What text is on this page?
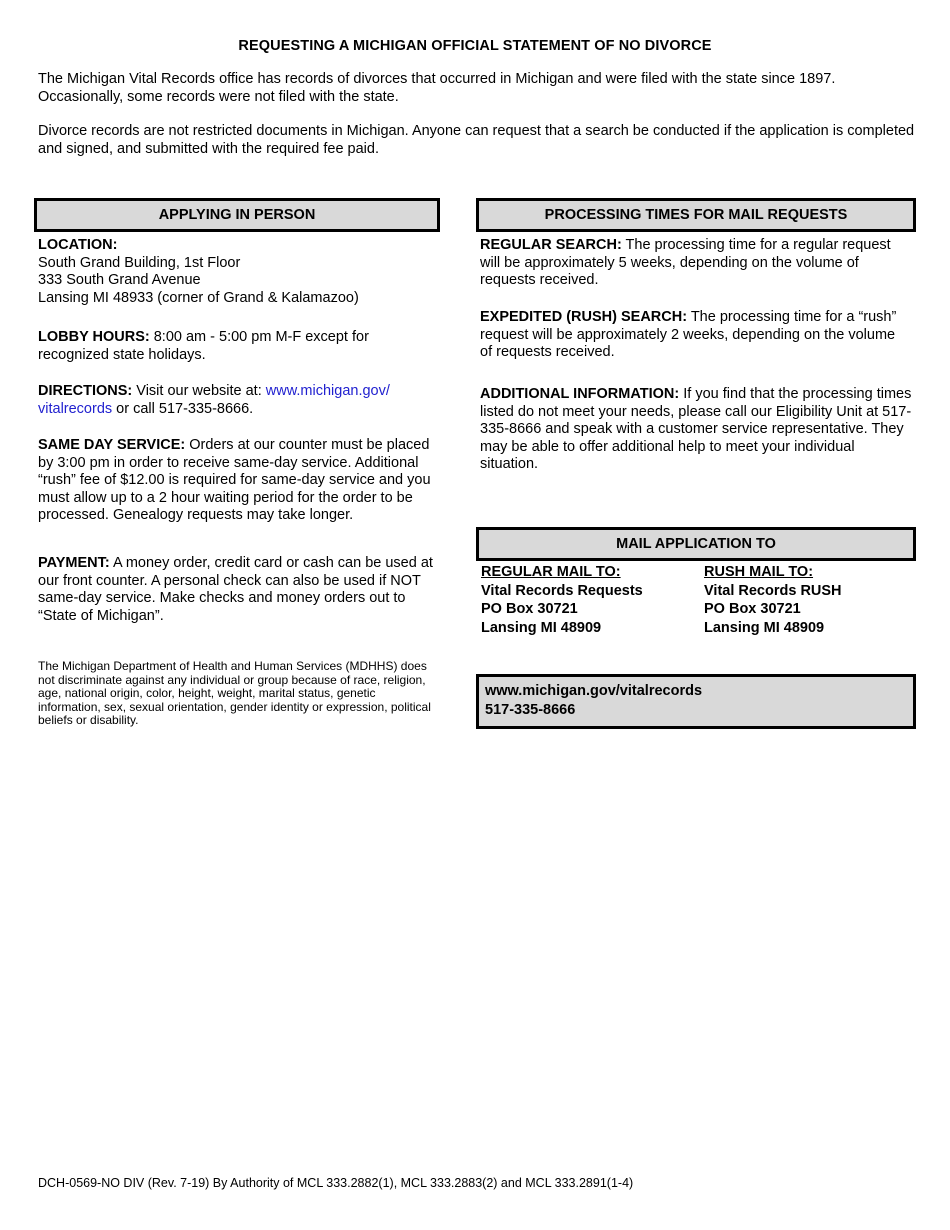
REQUESTING A MICHIGAN OFFICIAL STATEMENT OF NO DIVORCE
The Michigan Vital Records office has records of divorces that occurred in Michigan and were filed with the state since 1897. Occasionally, some records were not filed with the state.
Divorce records are not restricted documents in Michigan. Anyone can request that a search be conducted if the application is completed and signed, and submitted with the required fee paid.
APPLYING IN PERSON
LOCATION:
South Grand Building, 1st Floor
333 South Grand Avenue
Lansing MI 48933 (corner of Grand & Kalamazoo)
LOBBY HOURS: 8:00 am - 5:00 pm M-F except for recognized state holidays.
DIRECTIONS: Visit our website at: www.michigan.gov/ vitalrecords or call 517-335-8666.
SAME DAY SERVICE: Orders at our counter must be placed by 3:00 pm in order to receive same-day service. Additional “rush” fee of $12.00 is required for same-day service and you must allow up to a 2 hour waiting period for the order to be processed. Genealogy requests may take longer.
PAYMENT: A money order, credit card or cash can be used at our front counter. A personal check can also be used if NOT same-day service. Make checks and money orders out to “State of Michigan”.
The Michigan Department of Health and Human Services (MDHHS) does not discriminate against any individual or group because of race, religion, age, national origin, color, height, weight, marital status, genetic information, sex, sexual orientation, gender identity or expression, political beliefs or disability.
PROCESSING TIMES FOR MAIL REQUESTS
REGULAR SEARCH: The processing time for a regular request will be approximately 5 weeks, depending on the volume of requests received.
EXPEDITED (RUSH) SEARCH: The processing time for a “rush” request will be approximately 2 weeks, depending on the volume of requests received.
ADDITIONAL INFORMATION: If you find that the processing times listed do not meet your needs, please call our Eligibility Unit at 517-335-8666 and speak with a customer service representative. They may be able to offer additional help to meet your individual situation.
MAIL APPLICATION TO
REGULAR MAIL TO:
Vital Records Requests
PO Box 30721
Lansing MI 48909
RUSH MAIL TO:
Vital Records RUSH
PO Box 30721
Lansing MI 48909
www.michigan.gov/vitalrecords
517-335-8666
DCH-0569-NO DIV (Rev. 7-19) By Authority of MCL 333.2882(1), MCL 333.2883(2) and MCL 333.2891(1-4)
